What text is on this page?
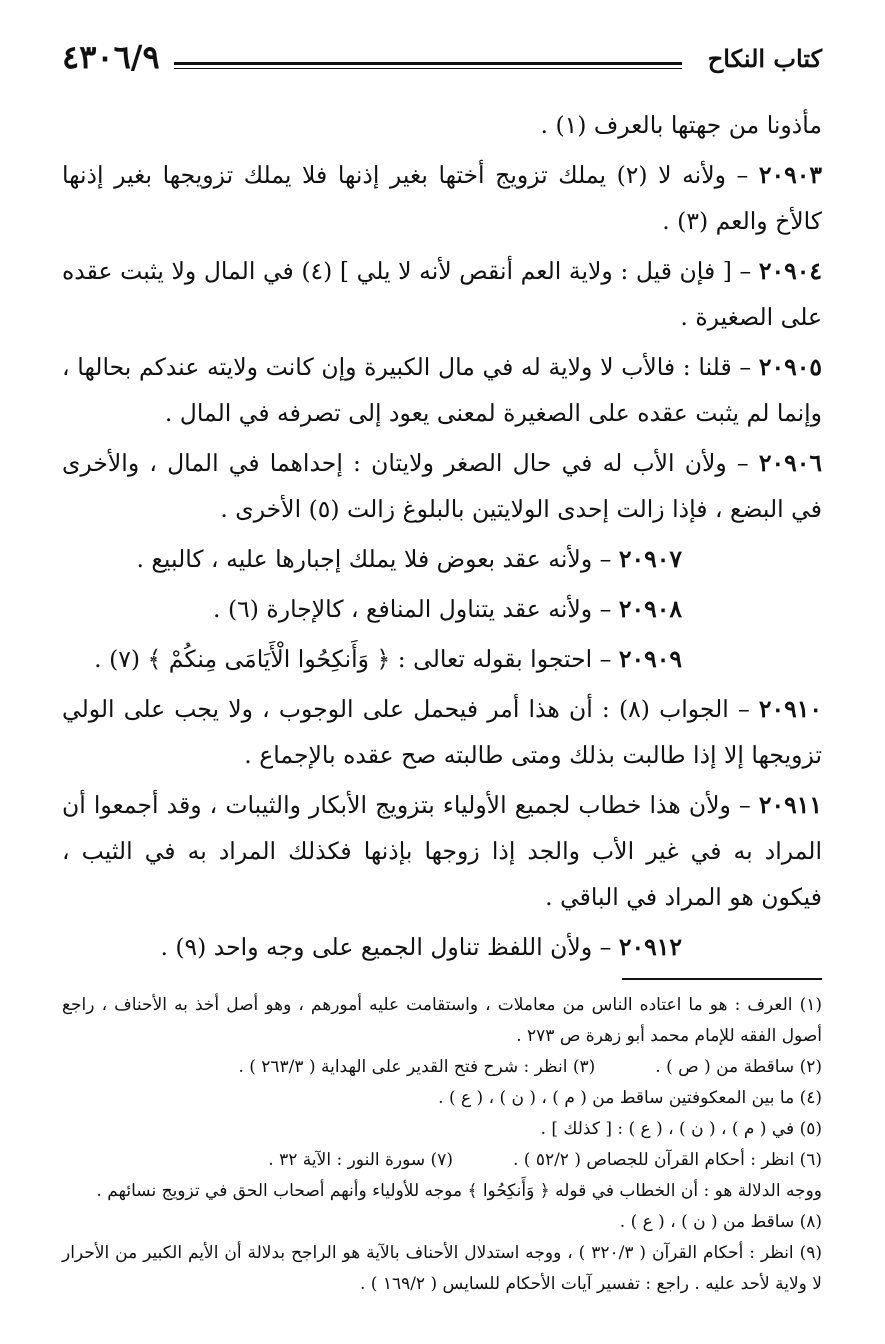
كتاب النكاح
٤٣٠٦/٩

مأذونا من جهتها بالعرف (١) .

٢٠٩٠٣ – ولأنه لا (٢) يملك تزويج أختها بغير إذنها فلا يملك تزويجها بغير إذنها كالأخ والعم (٣) .

٢٠٩٠٤ – [ فإن قيل : ولاية العم أنقص لأنه لا يلي ] (٤) في المال ولا يثبت عقده على الصغيرة .

٢٠٩٠٥ – قلنا : فالأب لا ولاية له في مال الكبيرة وإن كانت ولايته عندكم بحالها ، وإنما لم يثبت عقده على الصغيرة لمعنى يعود إلى تصرفه في المال .

٢٠٩٠٦ – ولأن الأب له في حال الصغر ولايتان : إحداهما في المال ، والأخرى في البضع ، فإذا زالت إحدى الولايتين بالبلوغ زالت (٥) الأخرى .

٢٠٩٠٧ – ولأنه عقد بعوض فلا يملك إجبارها عليه ، كالبيع .

٢٠٩٠٨ – ولأنه عقد يتناول المنافع ، كالإجارة (٦) .

٢٠٩٠٩ – احتجوا بقوله تعالى : ﴿ وَأَنكِحُوا الْأَيَامَى مِنكُمْ ﴾ (٧) .

٢٠٩١٠ – الجواب (٨) : أن هذا أمر فيحمل على الوجوب ، ولا يجب على الولي تزويجها إلا إذا طالبت بذلك ومتى طالبته صح عقده بالإجماع .

٢٠٩١١ – ولأن هذا خطاب لجميع الأولياء بتزويج الأبكار والثيبات ، وقد أجمعوا أن المراد به في غير الأب والجد إذا زوجها بإذنها فكذلك المراد به في الثيب ، فيكون هو المراد في الباقي .

٢٠٩١٢ – ولأن اللفظ تناول الجميع على وجه واحد (٩) .

(١) العرف : هو ما اعتاده الناس من معاملات ، واستقامت عليه أمورهم ، وهو أصل أخذ به الأحناف ، راجع أصول الفقه للإمام محمد أبو زهرة ص ٢٧٣ .

(٢) ساقطة من ( ص ) .

(٣) انظر : شرح فتح القدير على الهداية ( ٢٦٣/٣ ) .

(٤) ما بين المعكوفتين ساقط من ( م ) ، ( ن ) ، ( ع ) .

(٥) في ( م ) ، ( ن ) ، ( ع ) : [ كذلك ] .

(٦) انظر : أحكام القرآن للجصاص ( ٥٢/٢ ) .

(٧) سورة النور : الآية ٣٢ .

ووجه الدلالة هو : أن الخطاب في قوله ﴿ وَأَنكِحُوا ﴾ موجه للأولياء وأنهم أصحاب الحق في تزويج نسائهم .

(٨) ساقط من ( ن ) ، ( ع ) .

(٩) انظر : أحكام القرآن ( ٣٢٠/٣ ) ، ووجه استدلال الأحناف بالآية هو الراجح بدلالة أن الأيم الكبير من الأحرار لا ولاية لأحد عليه . راجع : تفسير آيات الأحكام للسايس ( ١٦٩/٢ ) .
